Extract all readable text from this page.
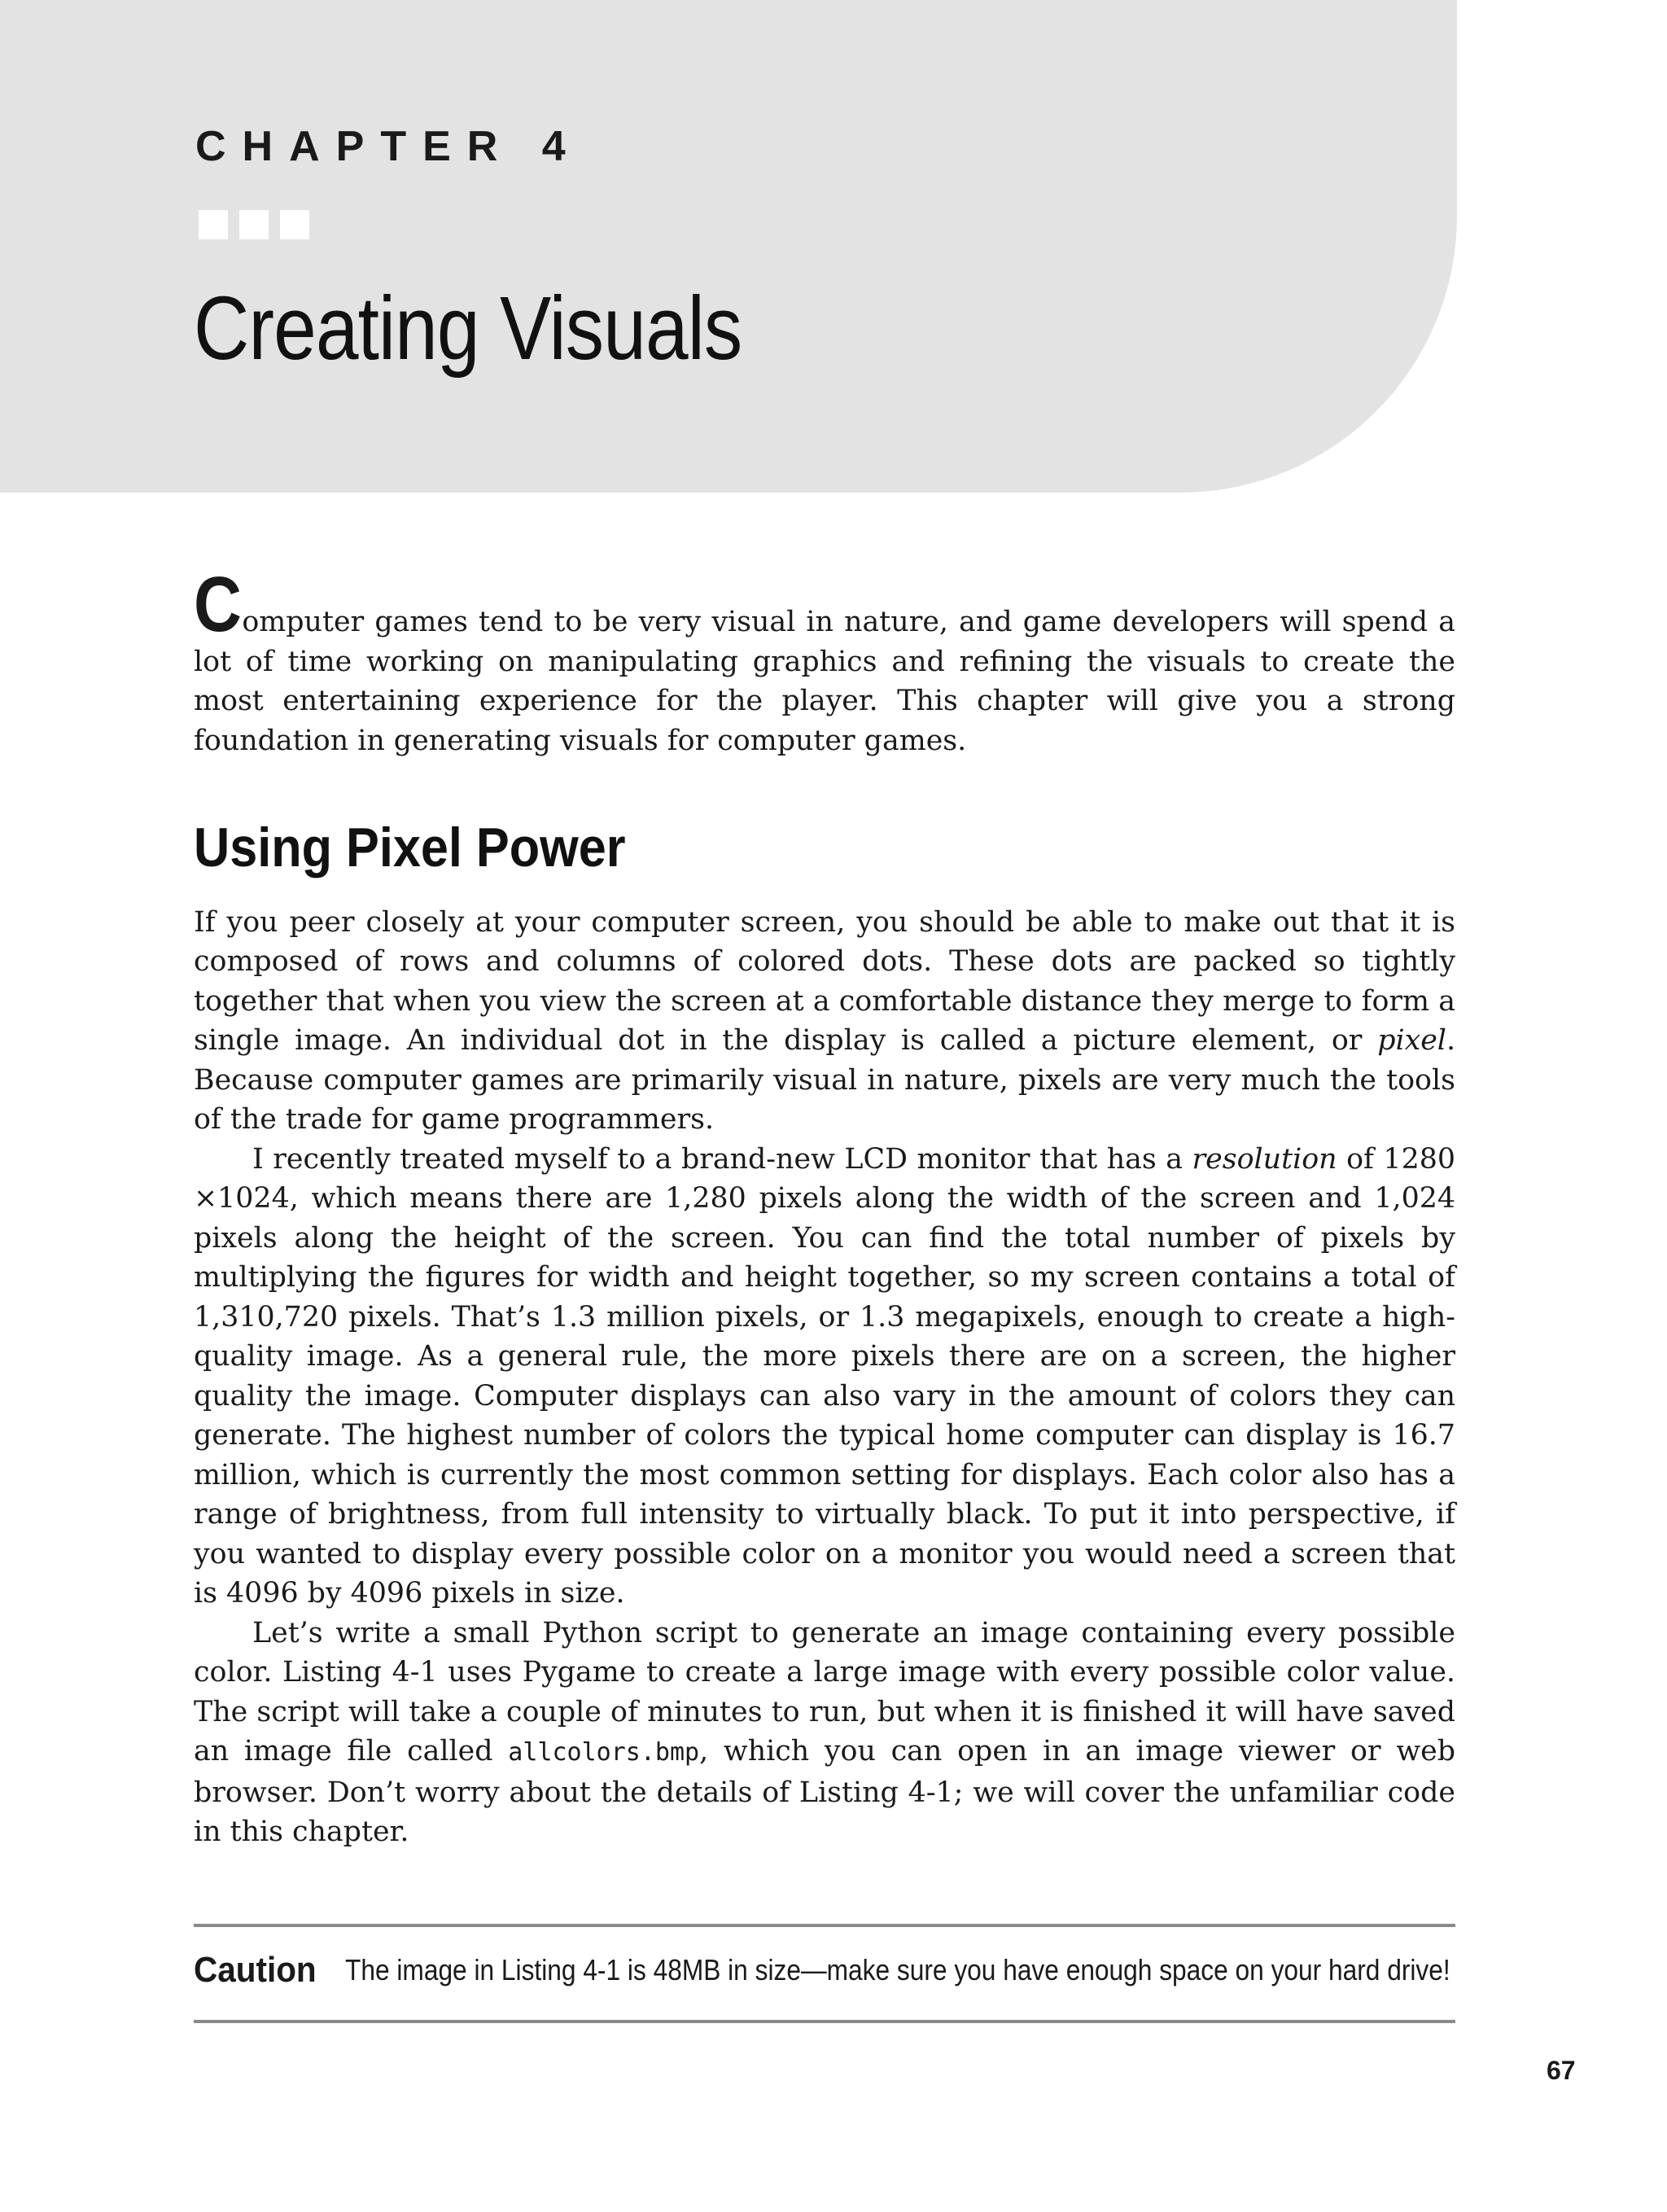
CHAPTER 4
Creating Visuals

Computer games tend to be very visual in nature, and game developers will spend a lot of time working on manipulating graphics and refining the visuals to create the most entertaining experience for the player. This chapter will give you a strong foundation in generating visuals for computer games.

Using Pixel Power

If you peer closely at your computer screen, you should be able to make out that it is composed of rows and columns of colored dots. These dots are packed so tightly together that when you view the screen at a comfortable distance they merge to form a single image. An individual dot in the display is called a picture element, or pixel. Because computer games are primarily visual in nature, pixels are very much the tools of the trade for game programmers.

I recently treated myself to a brand-new LCD monitor that has a resolution of 1280 ×1024, which means there are 1,280 pixels along the width of the screen and 1,024 pixels along the height of the screen. You can find the total number of pixels by multiplying the figures for width and height together, so my screen contains a total of 1,310,720 pixels. That’s 1.3 million pixels, or 1.3 megapixels, enough to create a high-quality image. As a general rule, the more pixels there are on a screen, the higher quality the image. Computer displays can also vary in the amount of colors they can generate. The highest number of colors the typical home computer can display is 16.7 million, which is currently the most common setting for displays. Each color also has a range of brightness, from full intensity to virtually black. To put it into perspective, if you wanted to display every possible color on a monitor you would need a screen that is 4096 by 4096 pixels in size.

Let’s write a small Python script to generate an image containing every possible color. Listing 4-1 uses Pygame to create a large image with every possible color value. The script will take a couple of minutes to run, but when it is finished it will have saved an image file called allcolors.bmp, which you can open in an image viewer or web browser. Don’t worry about the details of Listing 4-1; we will cover the unfamiliar code in this chapter.

Caution The image in Listing 4-1 is 48MB in size—make sure you have enough space on your hard drive!

67
